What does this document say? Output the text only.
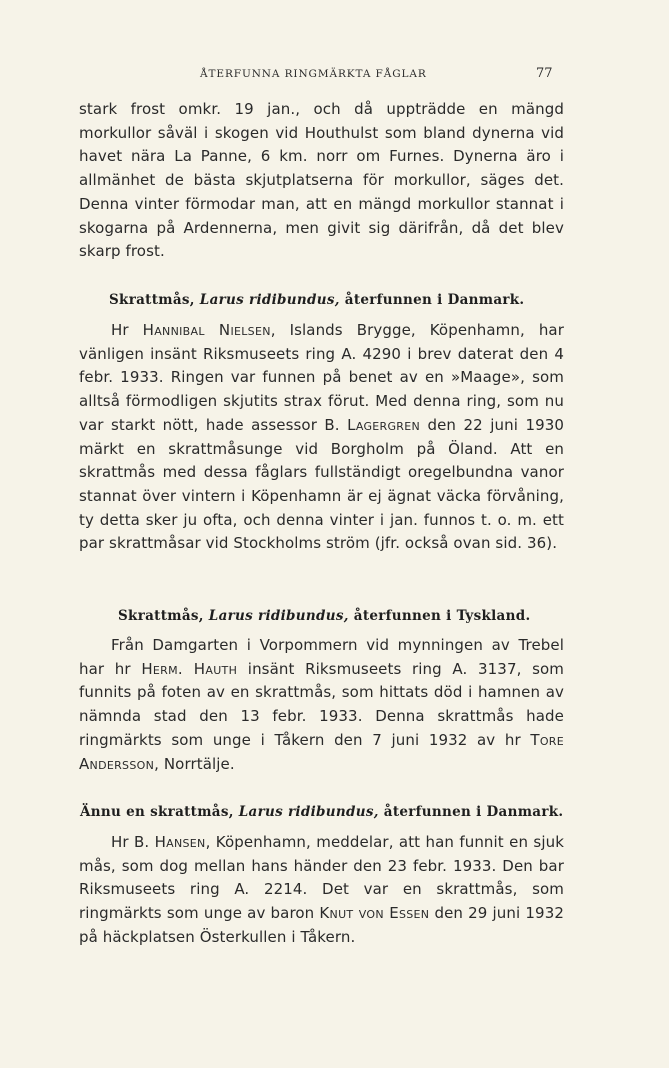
ÅTERFUNNA RINGMÄRKTA FÅGLAR	77

stark frost omkr. 19 jan., och då uppträdde en mängd morkullor såväl i skogen vid Houthulst som bland dynerna vid havet nära La Panne, 6 km. norr om Furnes. Dynerna äro i allmänhet de bästa skjutplatserna för morkullor, säges det. Denna vinter förmodar man, att en mängd morkullor stannat i skogarna på Ardennerna, men givit sig därifrån, då det blev skarp frost.

Skrattmås, Larus ridibundus, återfunnen i Danmark.

Hr Hannibal Nielsen, Islands Brygge, Köpenhamn, har vänligen insänt Riksmuseets ring A. 4290 i brev daterat den 4 febr. 1933. Ringen var funnen på benet av en »Maage», som alltså förmodligen skjutits strax förut. Med denna ring, som nu var starkt nött, hade assessor B. Lagergren den 22 juni 1930 märkt en skrattmåsunge vid Borgholm på Öland. Att en skrattmås med dessa fåglars fullständigt oregelbundna vanor stannat över vintern i Köpenhamn är ej ägnat väcka förvåning, ty detta sker ju ofta, och denna vinter i jan. funnos t. o. m. ett par skrattmåsar vid Stockholms ström (jfr. också ovan sid. 36).

Skrattmås, Larus ridibundus, återfunnen i Tyskland.

Från Damgarten i Vorpommern vid mynningen av Trebel har hr Herm. Hauth insänt Riksmuseets ring A. 3137, som funnits på foten av en skrattmås, som hittats död i hamnen av nämnda stad den 13 febr. 1933. Denna skrattmås hade ringmärkts som unge i Tåkern den 7 juni 1932 av hr Tore Andersson, Norrtälje.

Ännu en skrattmås, Larus ridibundus, återfunnen i Danmark.

Hr B. Hansen, Köpenhamn, meddelar, att han funnit en sjuk mås, som dog mellan hans händer den 23 febr. 1933. Den bar Riksmuseets ring A. 2214. Det var en skrattmås, som ringmärkts som unge av baron Knut von Essen den 29 juni 1932 på häckplatsen Österkullen i Tåkern.
